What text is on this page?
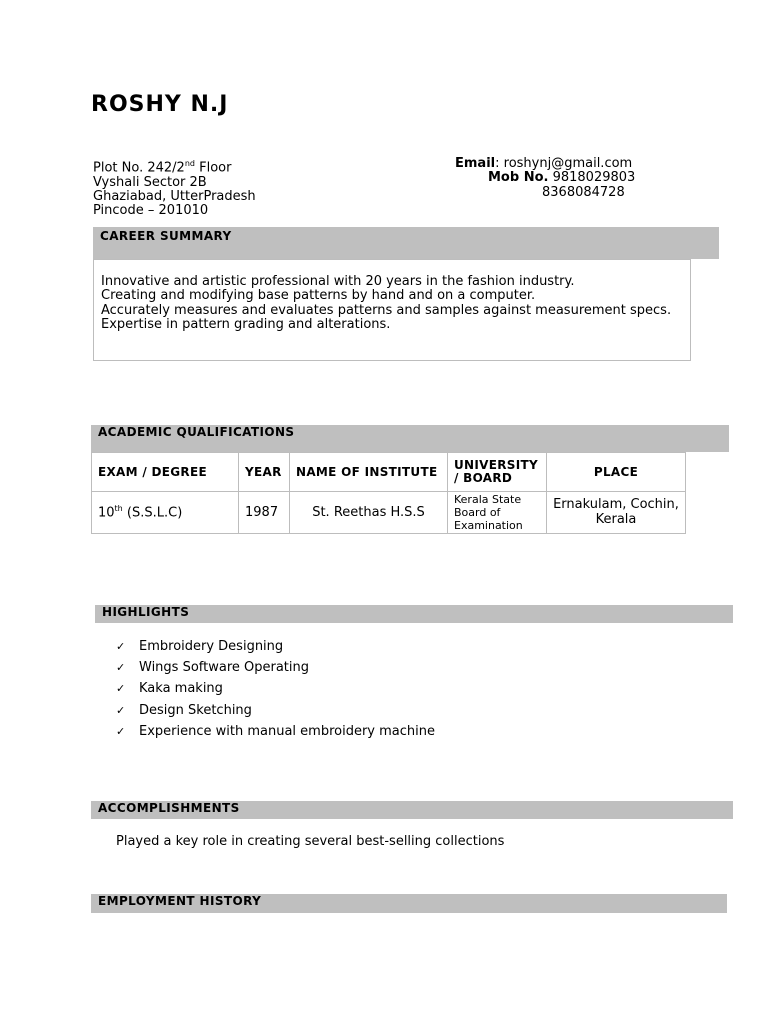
ROSHY N.J
Plot No. 242/2nd Floor
Vyshali Sector 2B
Ghaziabad, UtterPradesh
Pincode – 201010
Email: roshynj@gmail.com
Mob No. 9818029803
8368084728
CAREER SUMMARY
Innovative and artistic professional with 20 years in the fashion industry.
Creating and modifying base patterns by hand and on a computer.
Accurately measures and evaluates patterns and samples against measurement specs.
Expertise in pattern grading and alterations.
ACADEMIC QUALIFICATIONS
EXAM / DEGREE	YEAR	NAME OF INSTITUTE	UNIVERSITY / BOARD	PLACE
10th (S.S.L.C)	1987	St. Reethas H.S.S	Kerala State Board of Examination	Ernakulam, Cochin, Kerala
HIGHLIGHTS
✓	Embroidery Designing
✓	Wings Software Operating
✓	Kaka making
✓	Design Sketching
✓	Experience with manual embroidery machine
ACCOMPLISHMENTS
Played a key role in creating several best-selling collections
EMPLOYMENT HISTORY
